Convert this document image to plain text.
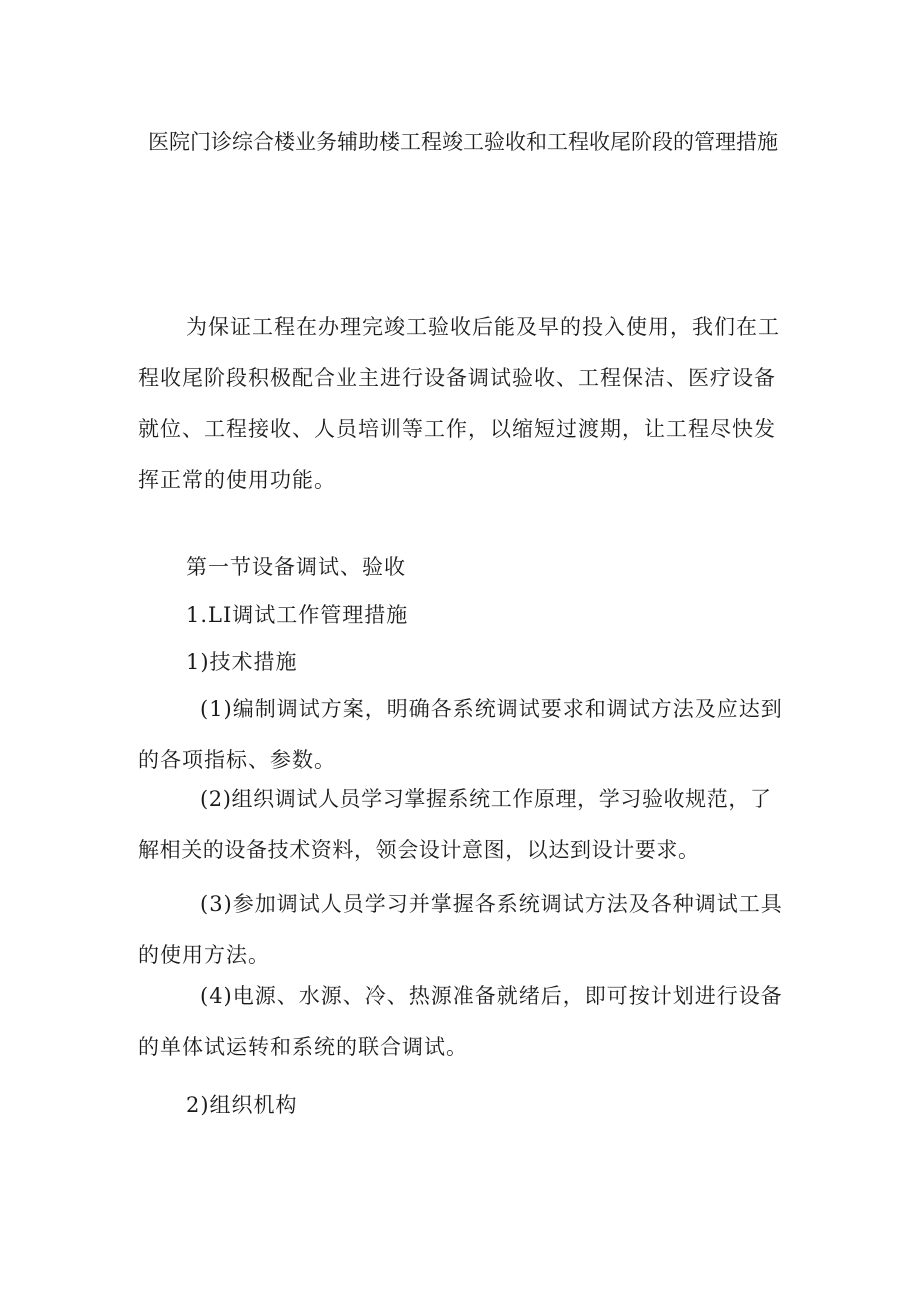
医院门诊综合楼业务辅助楼工程竣工验收和工程收尾阶段的管理措施

为保证工程在办理完竣工验收后能及早的投入使用，我们在工程收尾阶段积极配合业主进行设备调试验收、工程保洁、医疗设备就位、工程接收、人员培训等工作，以缩短过渡期，让工程尽快发挥正常的使用功能。

第一节设备调试、验收

1.LI调试工作管理措施

1)技术措施

(1)编制调试方案，明确各系统调试要求和调试方法及应达到的各项指标、参数。

(2)组织调试人员学习掌握系统工作原理，学习验收规范，了解相关的设备技术资料，领会设计意图，以达到设计要求。

(3)参加调试人员学习并掌握各系统调试方法及各种调试工具的使用方法。

(4)电源、水源、冷、热源准备就绪后，即可按计划进行设备的单体试运转和系统的联合调试。

2)组织机构
